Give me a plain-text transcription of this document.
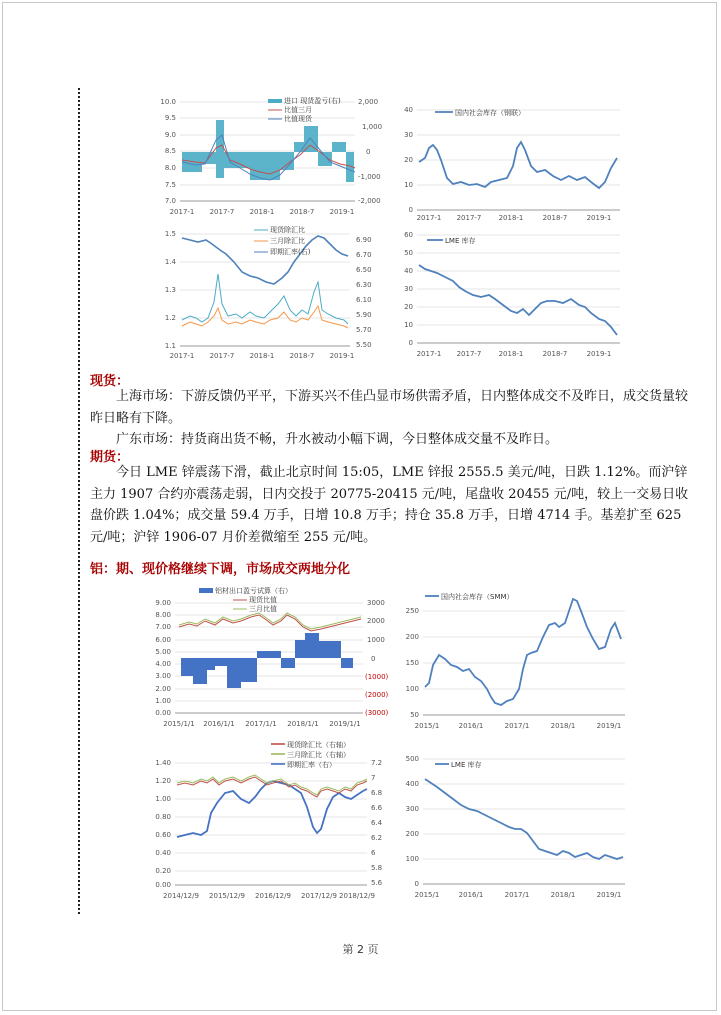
10.0
9.5
9.0
8.5
8.0
7.5
7.0
2,000
1,000
0
-1,000
-2,000
2017-1 2017-7 2018-1 2018-7 2019-1
进口 现货盈亏(右)
比值三月
比值现货
40
30
20
10
0
2017-1 2017-7 2018-1	2018-7	2019-1
国内社会库存（钢联）
1.5
1.4
1.3
1.2
1.1
6.90
6.70
6.50
6.30
6.10
5.90
5.70
5.50
2017-1 2017-7 2018-1 2018-7 2019-1
现货除汇比
三月除汇比
即期汇率(右)
60
50
40
30
20
10
0
2017-1 2017-7 2018-1	2018-7	2019-1
LME 库存
现货：
上海市场：下游反馈仍平平，下游买兴不佳凸显市场供需矛盾，日内整体成交不及昨日，成交货量较昨日略有下降。
广东市场：持货商出货不畅，升水被动小幅下调，今日整体成交量不及昨日。
期货：
今日 LME 锌震荡下滑，截止北京时间 15:05，LME 锌报 2555.5 美元/吨，日跌 1.12%。而沪锌主力 1907 合约亦震荡走弱，日内交投于 20775-20415 元/吨，尾盘收 20455 元/吨，较上一交易日收盘价跌 1.04%；成交量 59.4 万手，日增 10.8 万手；持仓 35.8 万手，日增 4714 手。基差扩至 625 元/吨；沪锌 1906-07 月价差微缩至 255 元/吨。
铝：期、现价格继续下调，市场成交两地分化
9.00
8.00
7.00
6.00
5.00
4.00
3.00
2.00
1.00
0.00
3000
2000
1000
0
(1000)
(2000)
(3000)
2015/1/1 2016/1/1 2017/1/1 2018/1/1 2019/1/1
铝材出口盈亏试算（右）
现货比值
三月比值	250
200
150
100
50
2015/1	2016/1	2017/1	2018/1	2019/1
国内社会库存（SMM）
1.40
1.20
1.00
0.80
0.60
0.40
0.20
0.00
7.2
7
6.8
6.6
6.4
6.2
6
5.8
5.6
2014/12/9 2015/12/9 2016/12/9 2017/12/9 2018/12/9
现货除汇比（右轴）
三月除汇比（右轴）
即期汇率（右）
500
400
300
200
100
0
2015/1	2016/1	2017/1	2018/1	2019/1
LME 库存
第 2 页
